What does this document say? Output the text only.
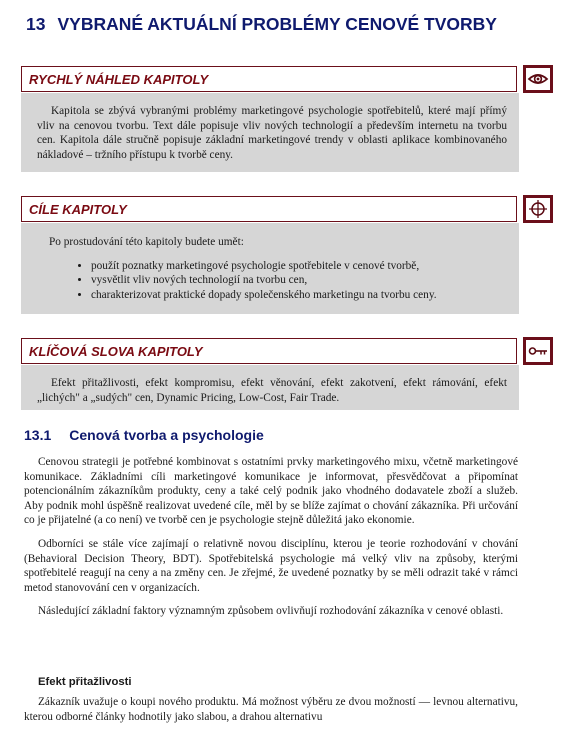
13 VYBRANÉ AKTUÁLNÍ PROBLÉMY CENOVÉ TVORBY
RYCHLÝ NÁHLED KAPITOLY

Kapitola se zbývá vybranými problémy marketingové psychologie spotřebitelů, které mají přímý vliv na cenovou tvorbu. Text dále popisuje vliv nových technologií a především internetu na tvorbu cen. Kapitola dále stručně popisuje základní marketingové trendy v oblasti aplikace kombinovaného nákladové – tržního přístupu k tvorbě ceny.

CÍLE KAPITOLY

Po prostudování této kapitoly budete umět:

• použít poznatky marketingové psychologie spotřebitele v cenové tvorbě,
• vysvětlit vliv nových technologií na tvorbu cen,
• charakterizovat praktické dopady společenského marketingu na tvorbu ceny.
KLÍČOVÁ SLOVA KAPITOLY

Efekt přitažlivosti, efekt kompromisu, efekt věnování, efekt zakotvení, efekt rámování, efekt „lichých" a „sudých" cen, Dynamic Pricing, Low-Cost, Fair Trade.

13.1 Cenová tvorba a psychologie

Cenovou strategii je potřebné kombinovat s ostatními prvky marketingového mixu, včetně marketingové komunikace. Základními cíli marketingové komunikace je informovat, přesvědčovat a připomínat potencionálním zákazníkům produkty, ceny a také celý podnik jako vhodného dodavatele zboží a služeb. Aby podnik mohl úspěšně realizovat uvedené cíle, měl by se blíže zajímat o chování zákazníka. Při určování co je přijatelné (a co není) ve tvorbě cen je psychologie stejně důležitá jako ekonomie.

Odborníci se stále více zajímají o relativně novou disciplínu, kterou je teorie rozhodování v chování (Behavioral Decision Theory, BDT). Spotřebitelská psychologie má velký vliv na způsoby, kterými spotřebitelé reagují na ceny a na změny cen. Je zřejmé, že uvedené poznatky by se měli odrazit také v rámci metod stanovování cen v organizacích.

Následující základní faktory významným způsobem ovlivňují rozhodování zákazníka v cenové oblasti.

Efekt přitažlivosti

Zákazník uvažuje o koupi nového produktu. Má možnost výběru ze dvou možností — levnou alternativu, kterou odborné články hodnotily jako slabou, a drahou alternativu
